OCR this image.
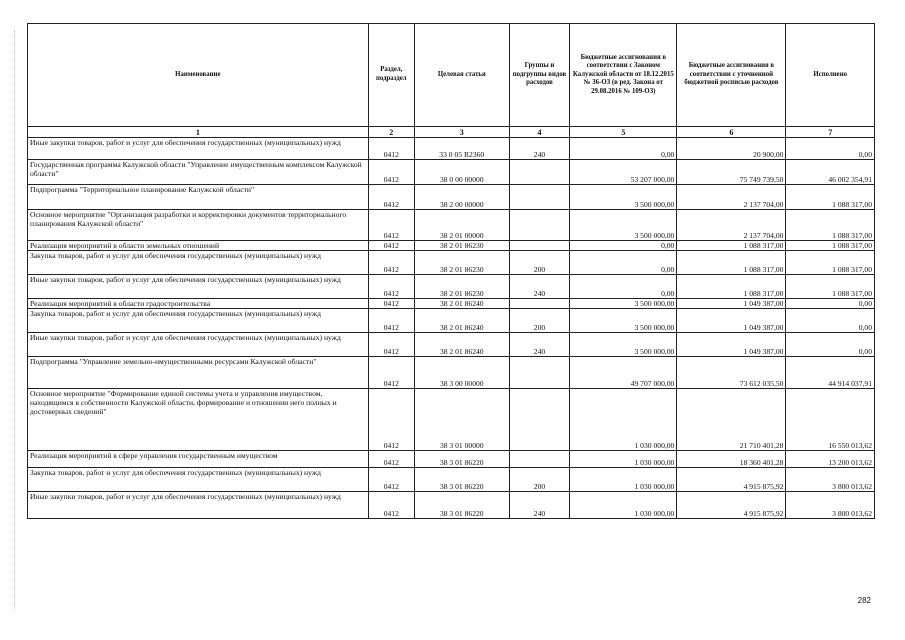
Наименование	Раздел, подраздел	Целевая статья	Группы и подгруппы видов расходов	Бюджетные ассигнования в соответствии с Законом Калужской области от 18.12.2015 № 36-ОЗ (в ред. Закона от 29.08.2016 № 109-ОЗ)	Бюджетные ассигнования в соответствии с уточненной бюджетной росписью расходов	Исполнено
1	2	3	4	5	6	7
Иные закупки товаров, работ и услуг для обеспечения государственных (муниципальных) нужд	0412	33 0 05 R2360	240	0,00	20 900,00	0,00
Государственная программа Калужской области "Управление имущественным комплексом Калужской области"	0412	38 0 00 00000		53 207 000,00	75 749 739,50	46 002 354,91
Подпрограмма "Территориальное планирование Калужской области"	0412	38 2 00 00000		3 500 000,00	2 137 704,00	1 088 317,00
Основное мероприятие "Организация разработки и корректировки документов территориального планирования Калужской области"	0412	38 2 01 00000		3 500 000,00	2 137 704,00	1 088 317,00
Реализация мероприятий в области земельных отношений	0412	38 2 01 86230		0,00	1 088 317,00	1 088 317,00
Закупка товаров, работ и услуг для обеспечения государственных (муниципальных) нужд	0412	38 2 01 86230	200	0,00	1 088 317,00	1 088 317,00
Иные закупки товаров, работ и услуг для обеспечения государственных (муниципальных) нужд	0412	38 2 01 86230	240	0,00	1 088 317,00	1 088 317,00
Реализация мероприятий в области градостроительства	0412	38 2 01 86240		3 500 000,00	1 049 387,00	0,00
Закупка товаров, работ и услуг для обеспечения государственных (муниципальных) нужд	0412	38 2 01 86240	200	3 500 000,00	1 049 387,00	0,00
Иные закупки товаров, работ и услуг для обеспечения государственных (муниципальных) нужд	0412	38 2 01 86240	240	3 500 000,00	1 049 387,00	0,00
Подпрограмма "Управление земельно-имущественными ресурсами Калужской области"	0412	38 3 00 00000		49 707 000,00	73 612 035,50	44 914 037,91
Основное мероприятие "Формирование единой системы учета и управления имуществом, находящимся в собственности Калужской области, формирование и отношении него полных и достоверных сведений"	0412	38 3 01 00000		1 030 000,00	21 710 401,28	16 550 013,62
Реализация мероприятий в сфере управления государственным имуществом	0412	38 3 01 86220		1 030 000,00	18 360 401,28	13 200 013,62
Закупка товаров, работ и услуг для обеспечения государственных (муниципальных) нужд	0412	38 3 01 86220	200	1 030 000,00	4 915 875,92	3 800 013,62
Иные закупки товаров, работ и услуг для обеспечения государственных (муниципальных) нужд	0412	38 3 01 86220	240	1 030 000,00	4 915 875,92	3 800 013,62
282
